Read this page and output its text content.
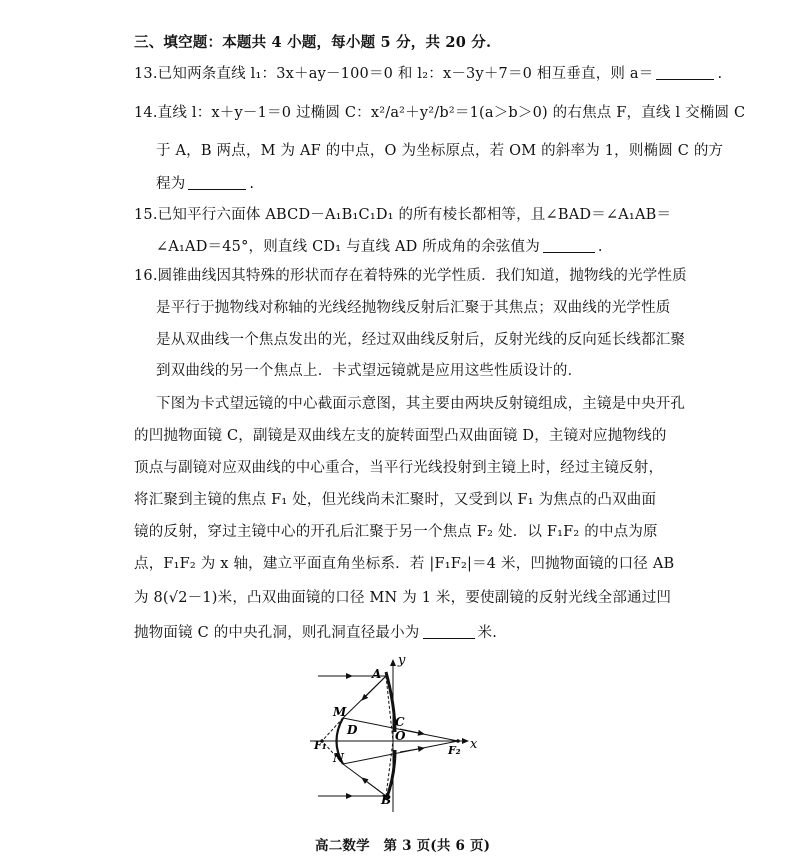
三、填空题：本题共 4 小题，每小题 5 分，共 20 分.
13.已知两条直线 l₁：3x＋ay－100＝0 和 l₂：x－3y＋7＝0 相互垂直，则 a＝	.
14.直线 l：x＋y－1＝0 过椭圆 C：x²/a²＋y²/b²＝1(a＞b＞0) 的右焦点 F，直线 l 交椭圆 C
于 A，B 两点，M 为 AF 的中点，O 为坐标原点，若 OM 的斜率为 1，则椭圆 C 的方
程为	.
15.已知平行六面体 ABCD－A₁B₁C₁D₁ 的所有棱长都相等，且∠BAD＝∠A₁AB＝
∠A₁AD＝45°，则直线 CD₁ 与直线 AD 所成角的余弦值为	.
16.圆锥曲线因其特殊的形状而存在着特殊的光学性质．我们知道，抛物线的光学性质
是平行于抛物线对称轴的光线经抛物线反射后汇聚于其焦点；双曲线的光学性质
是从双曲线一个焦点发出的光，经过双曲线反射后，反射光线的反向延长线都汇聚
到双曲线的另一个焦点上．卡式望远镜就是应用这些性质设计的．
下图为卡式望远镜的中心截面示意图，其主要由两块反射镜组成，主镜是中央开孔
的凹抛物面镜 C，副镜是双曲线左支的旋转面型凸双曲面镜 D，主镜对应抛物线的
顶点与副镜对应双曲线的中心重合，当平行光线投射到主镜上时，经过主镜反射，
将汇聚到主镜的焦点 F₁ 处，但光线尚未汇聚时，又受到以 F₁ 为焦点的凸双曲面
镜的反射，穿过主镜中心的开孔后汇聚于另一个焦点 F₂ 处．以 F₁F₂ 的中点为原
点，F₁F₂ 为 x 轴，建立平面直角坐标系．若 |F₁F₂|＝4 米，凹抛物面镜的口径 AB
为 8(√2－1)米，凸双曲面镜的口径 MN 为 1 米，要使副镜的反射光线全部通过凹
抛物面镜 C 的中央孔洞，则孔洞直径最小为	米.
y
x
A
B
C
O
M
N
D
F₁	F₂
高二数学　第 3 页(共 6 页)
